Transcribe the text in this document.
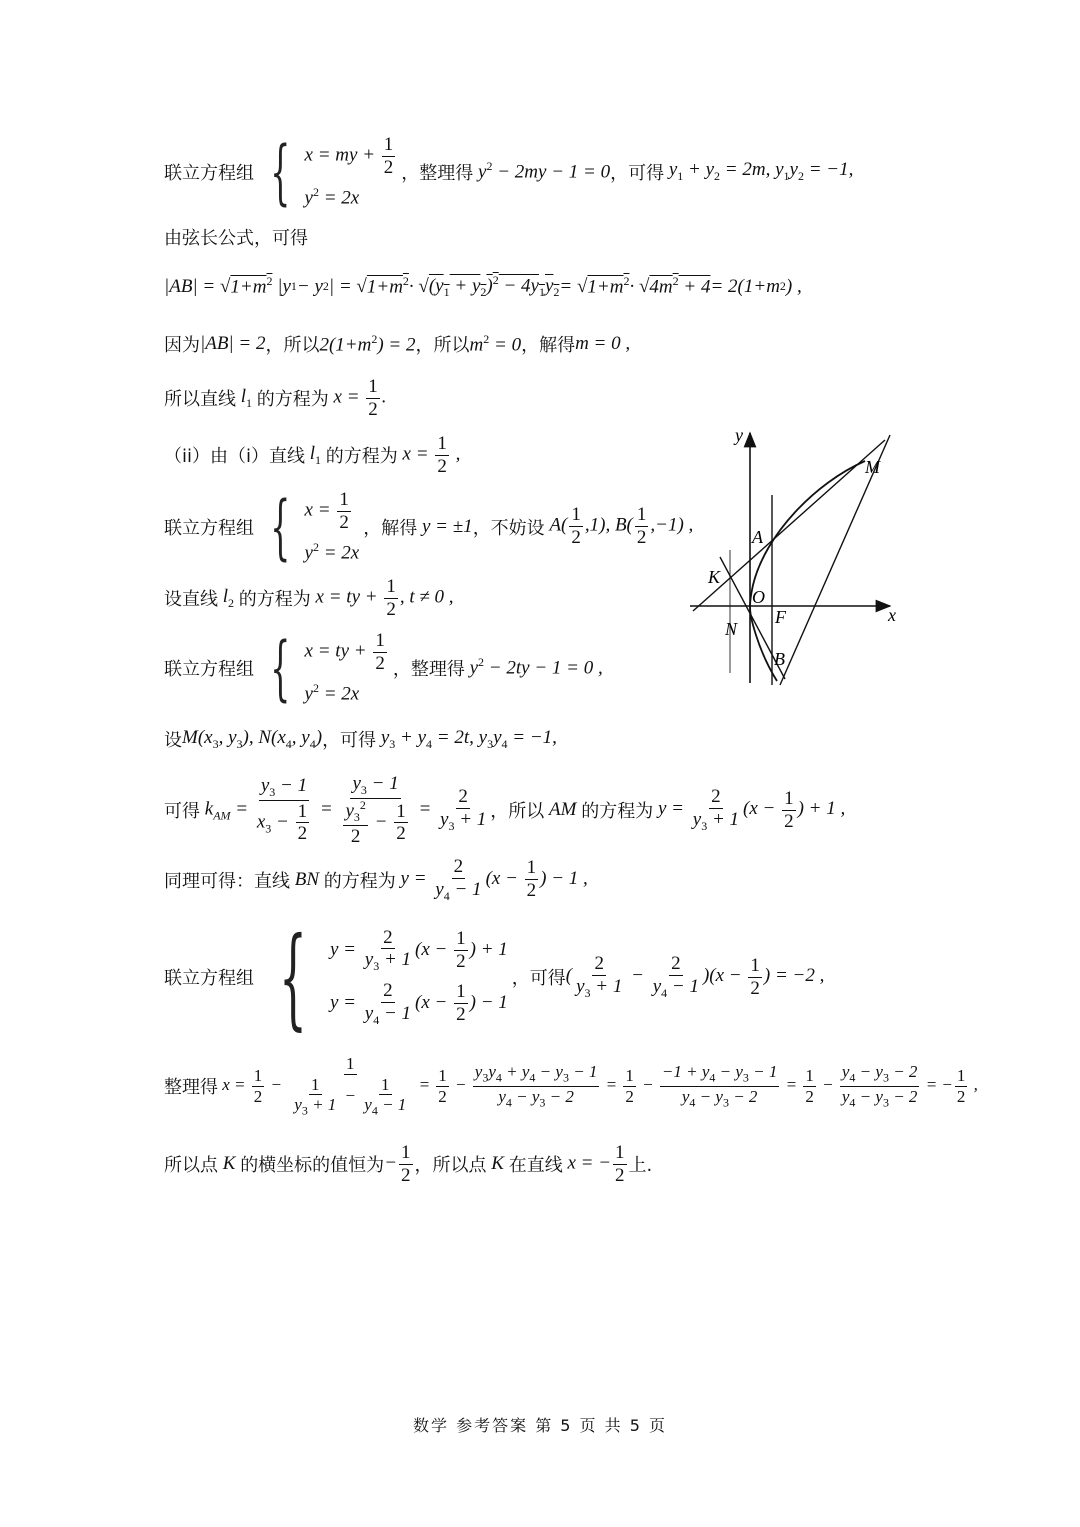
联立方程组 { x = my + $\frac{1}{2}$
$y^2 = 2x$
，整理得 $y^2 - 2my - 1 = 0$ ，可得 $y_1 + y_2 = 2m$, $y_1y_2 = -1$,
由弦长公式，可得
|AB| = √ $1+m^2$ |y 1 − y 2 | = √ $1+m^2$ · √ $(y_1 + y_2)^2 - 4y_1y_2$ = √ $1+m^2$ · √ $4m^2 + 4 = 2(1+m$ 2 ) ,
因为 |AB| = 2 ，所以 $2(1+m^2) = 2$ ，所以 $m^2 = 0$ ，解得 m = 0 ,
所以直线 $l_1$ 的方程为 $x = \frac{1}{2}$ .
（ii）由（i）直线 $l_1$ 的方程为 $x = \frac{1}{2}$ ,
联立方程组 { $x = \frac{1}{2}$
$y^2 = 2x$
，解得 y = ±1 ，不妨设 $A( \frac{1}{2} ,1)$, $B( \frac{1}{2} ,-1)$ ,
设直线 $l_2$ 的方程为 x = ty + $\frac{1}{2}$ , t ≠ 0 ,
联立方程组 { x = ty + $\frac{1}{2}$
$y^2 = 2x$
，整理得 $y^2 - 2ty - 1 = 0$ ,
设 $M(x_3$, $y_3$), $N(x_4$, $y_4$) ，可得 $y_3 + y_4 = 2t$, $y_3y_4 = -1$,
可得 $k_{AM} = \frac{y_3 - 1}{x_3 - \frac{1}{2}} = \frac{y_3 - 1}{\frac{y_3^2}{2} - \frac{1}{2}} = \frac{2}{y_3 + 1}$ ，所以 AM 的方程为 $y = \frac{2}{y_3 + 1} (x - \frac{1}{2}$ ) + 1 ,
同理可得：直线 BN 的方程为 $y = \frac{2}{y_4 - 1} (x - \frac{1}{2}$ ) − 1 ,
联立方程组 { $y = \frac{2}{y_3 + 1} (x - \frac{1}{2}$ ) + 1
$y = \frac{2}{y_4 - 1} (x - \frac{1}{2}$ ) − 1
，可得 ( $\frac{2}{y_3 + 1} - \frac{2}{y_4 - 1} )(x - \frac{1}{2}$ ) = −2 ,
整理得 $x = \frac{1}{2} - \frac{1}{\frac{1}{y_3 + 1} - \frac{1}{y_4 - 1}} = \frac{1}{2} - \frac{y_3y_4 + y_4 - y_3 - 1}{y_4 - y_3 - 2} = \frac{1}{2} - \frac{-1 + y_4 - y_3 - 1}{y_4 - y_3 - 2} = \frac{1}{2} - \frac{y_4 - y_3 - 2}{y_4 - y_3 - 2}$ = − $\frac{1}{2}$ ,
所以点 K 的横坐标的值恒为 − $\frac{1}{2}$ ，所以点 K 在直线 x = − $\frac{1}{2}$ 上.
y
x
M
A
K
O
F
N
B
数学 参考答案 第 5 页 共 5 页
